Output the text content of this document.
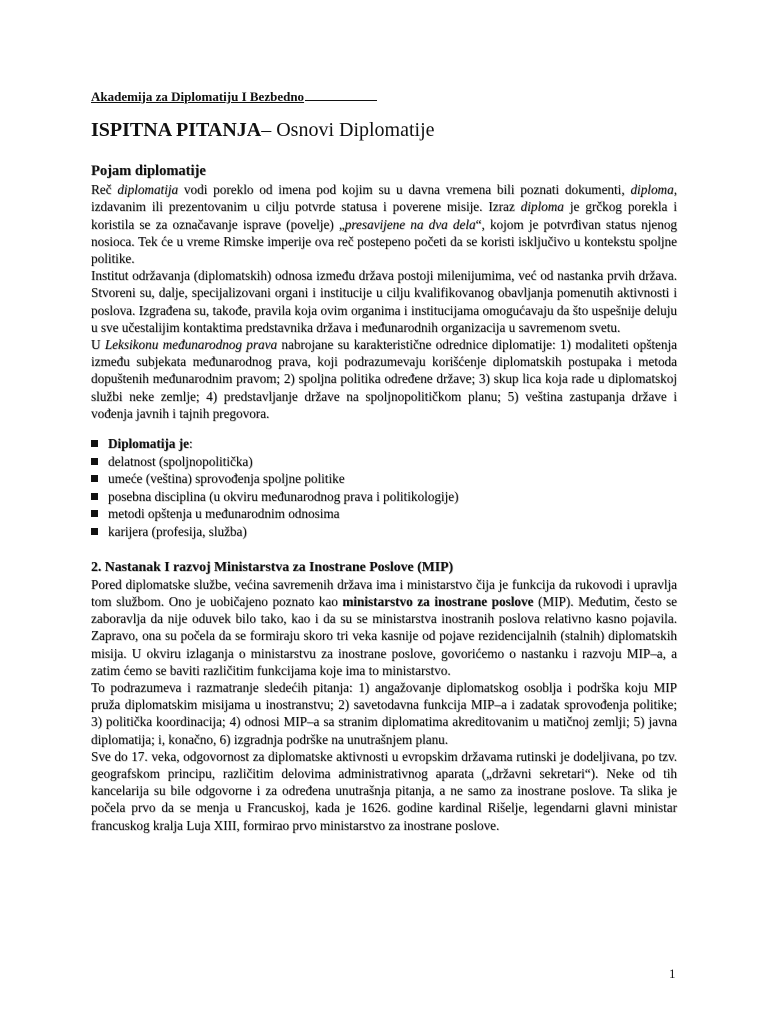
Akademija za Diplomatiju I Bezbedno
ISPITNA PITANJA– Osnovi Diplomatije
Pojam diplomatije

Reč diplomatija vodi poreklo od imena pod kojim su u davna vremena bili poznati dokumenti, diploma, izdavanim ili prezentovanim u cilju potvrde statusa i poverene misije. Izraz diploma je grčkog porekla i koristila se za označavanje isprave (povelje) „presavijene na dva dela“, kojom je potvrđivan status njenog nosioca. Tek će u vreme Rimske imperije ova reč postepeno početi da se koristi isključivo u kontekstu spoljne politike.

Institut održavanja (diplomatskih) odnosa između država postoji milenijumima, već od nastanka prvih država. Stvoreni su, dalje, specijalizovani organi i institucije u cilju kvalifikovanog obavljanja pomenutih aktivnosti i poslova. Izgrađena su, takođe, pravila koja ovim organima i institucijama omogućavaju da što uspešnije deluju u sve učestalijim kontaktima predstavnika država i međunarodnih organizacija u savremenom svetu.

U Leksikonu međunarodnog prava nabrojane su karakteristične odrednice diplomatije: 1) modaliteti opštenja između subjekata međunarodnog prava, koji podrazumevaju korišćenje diplomatskih postupaka i metoda dopuštenih međunarodnim pravom; 2) spoljna politika određene države; 3) skup lica koja rade u diplomatskoj službi neke zemlje; 4) predstavljanje države na spoljnopolitičkom planu; 5) veština zastupanja države i vođenja javnih i tajnih pregovora.

Diplomatija je:
delatnost (spoljnopolitička)
umeće (veština) sprovođenja spoljne politike
posebna disciplina (u okviru međunarodnog prava i politikologije)
metodi opštenja u međunarodnim odnosima
karijera (profesija, služba)
2. Nastanak I razvoj Ministarstva za Inostrane Poslove (MIP)

Pored diplomatske službe, većina savremenih država ima i ministarstvo čija je funkcija da rukovodi i upravlja tom službom. Ono je uobičajeno poznato kao ministarstvo za inostrane poslove (MIP). Međutim, često se zaboravlja da nije oduvek bilo tako, kao i da su se ministarstva inostranih poslova relativno kasno pojavila. Zapravo, ona su počela da se formiraju skoro tri veka kasnije od pojave rezidencijalnih (stalnih) diplomatskih misija. U okviru izlaganja o ministarstvu za inostrane poslove, govorićemo o nastanku i razvoju MIP–a, a zatim ćemo se baviti različitim funkcijama koje ima to ministarstvo.

To podrazumeva i razmatranje sledećih pitanja: 1) angažovanje diplomatskog osoblja i podrška koju MIP pruža diplomatskim misijama u inostranstvu; 2) savetodavna funkcija MIP–a i zadatak sprovođenja politike; 3) politička koordinacija; 4) odnosi MIP–a sa stranim diplomatima akreditovanim u matičnoj zemlji; 5) javna diplomatija; i, konačno, 6) izgradnja podrške na unutrašnjem planu.

Sve do 17. veka, odgovornost za diplomatske aktivnosti u evropskim državama rutinski je dodeljivana, po tzv. geografskom principu, različitim delovima administrativnog aparata („državni sekretari“). Neke od tih kancelarija su bile odgovorne i za određena unutrašnja pitanja, a ne samo za inostrane poslove. Ta slika je počela prvo da se menja u Francuskoj, kada je 1626. godine kardinal Rišelje, legendarni glavni ministar francuskog kralja Luja XIII, formirao prvo ministarstvo za inostrane poslove.

1
